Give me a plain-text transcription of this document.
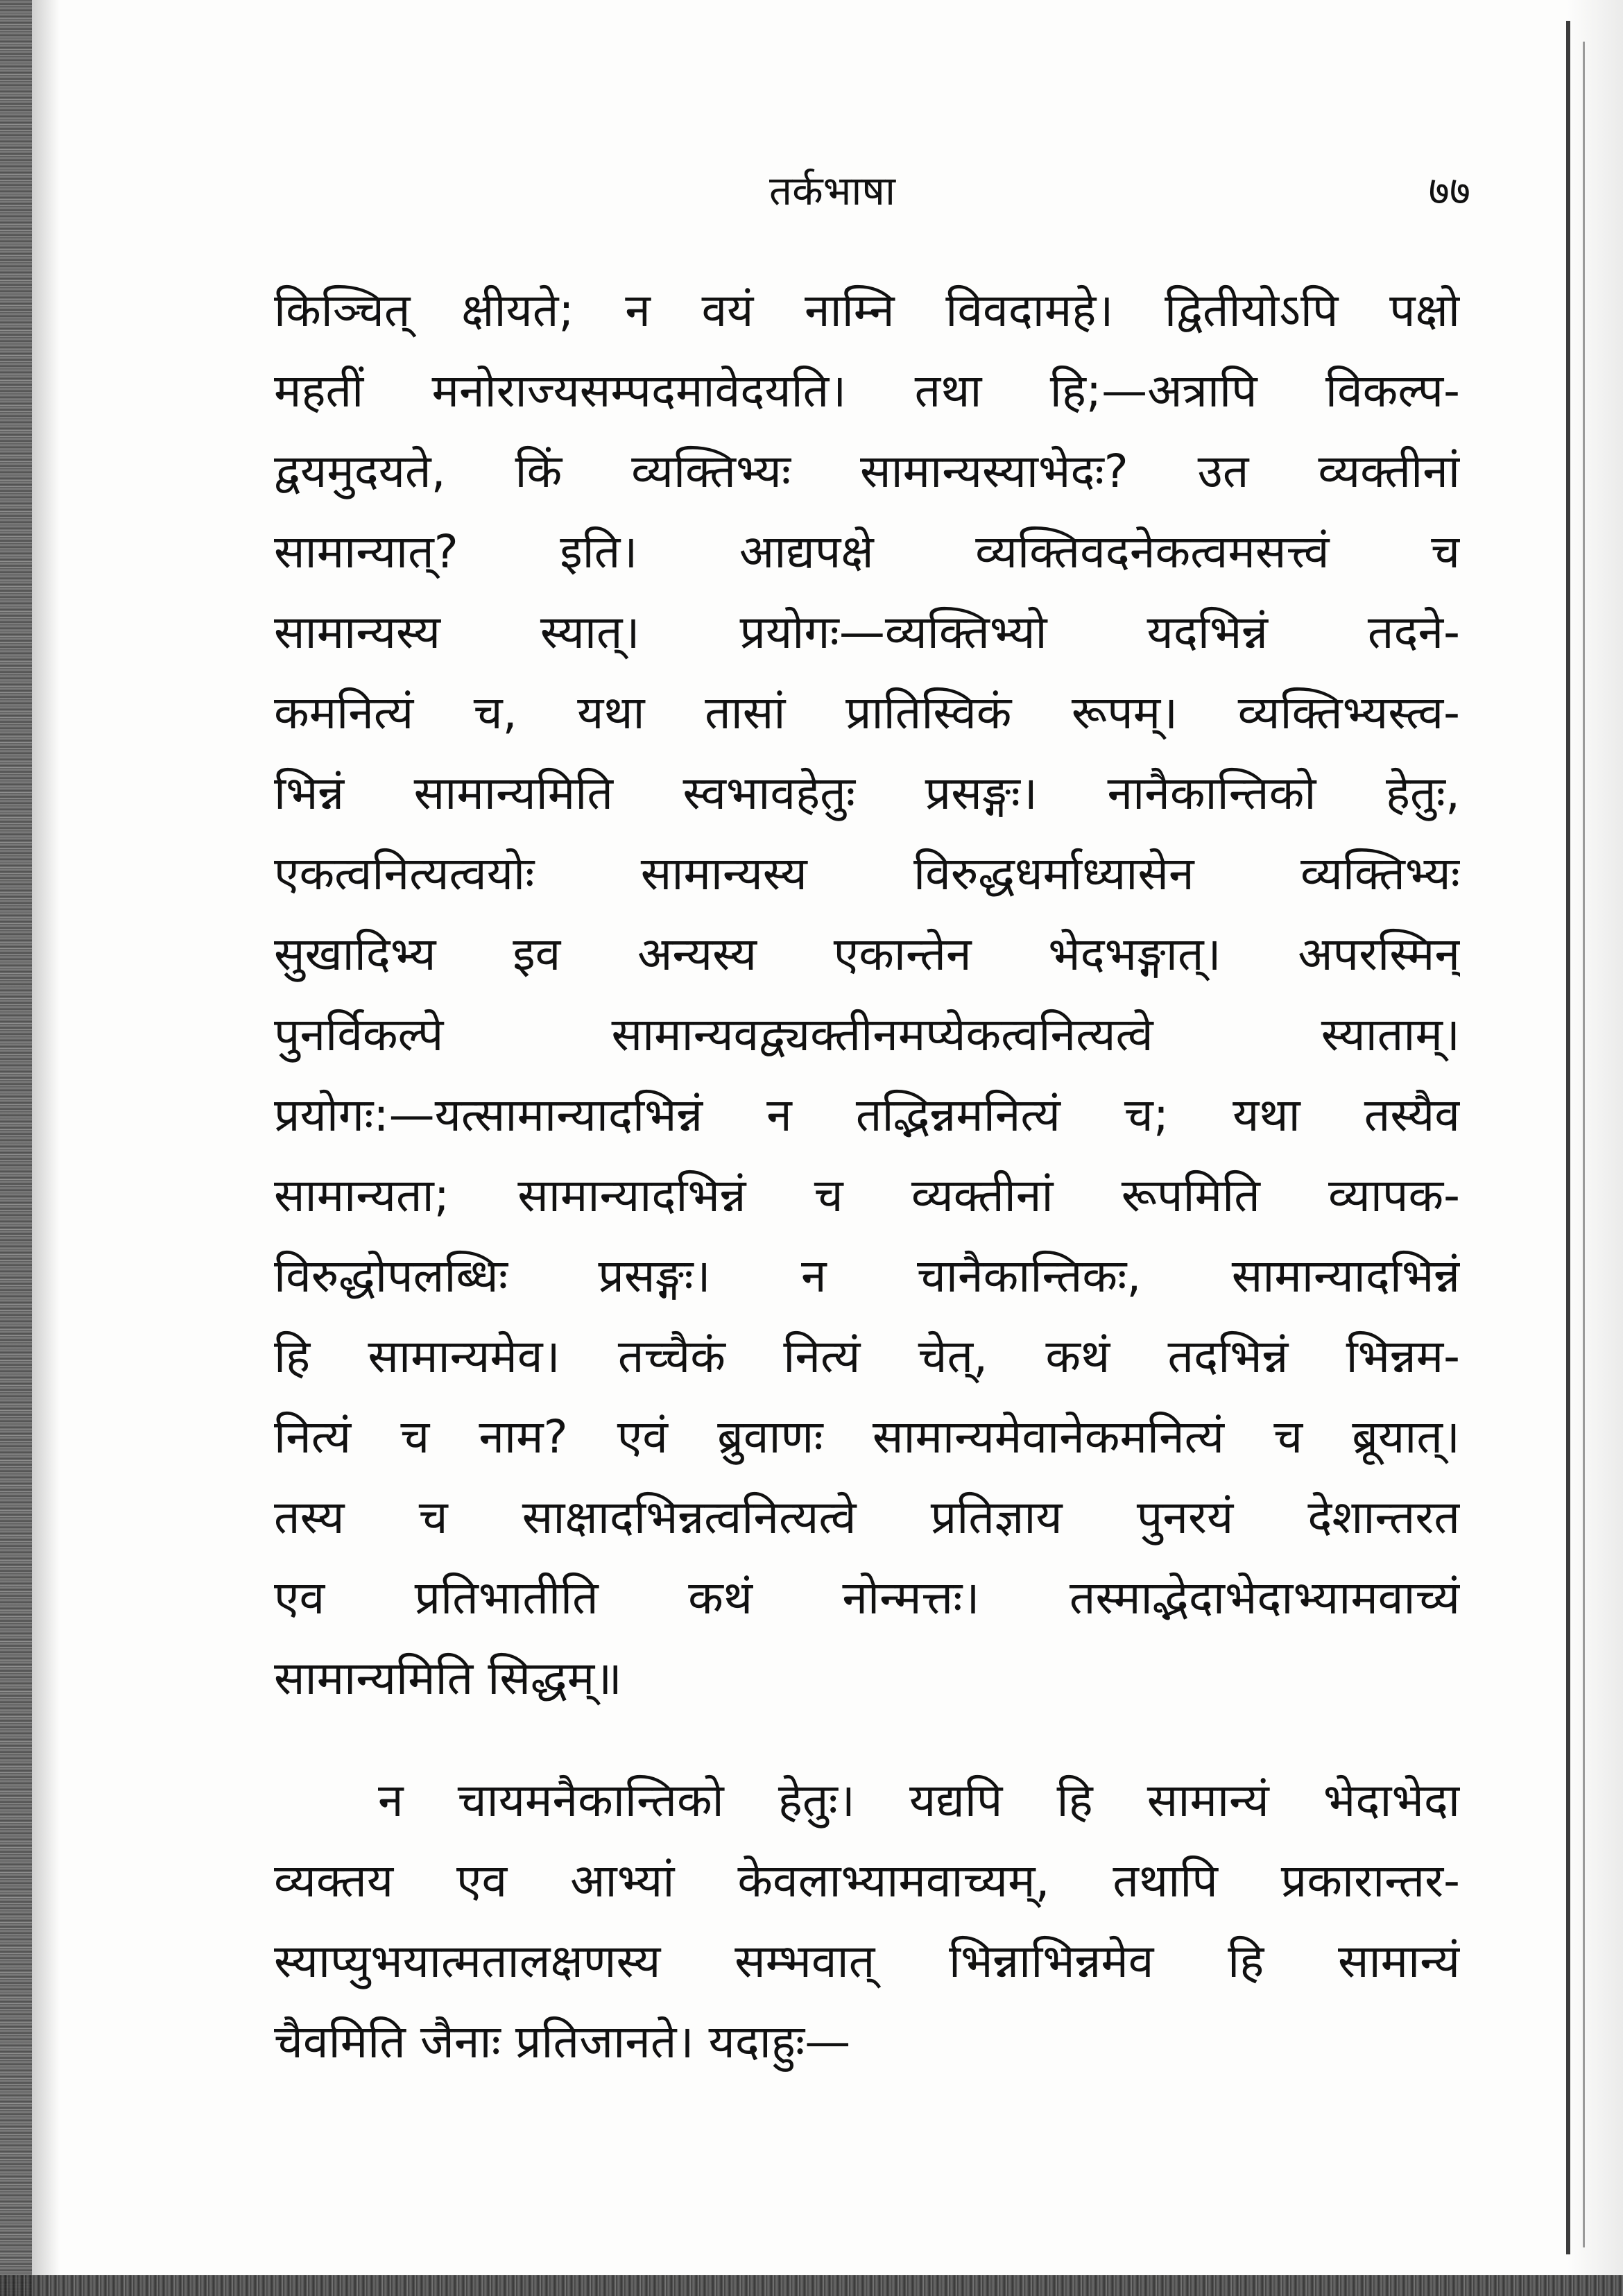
तर्कभाषा	७७
किञ्चित् क्षीयते; न वयं नाम्नि विवदामहे। द्वितीयोऽपि पक्षो
महतीं मनोराज्यसम्पदमावेदयति। तथा हि;—अत्रापि विकल्प-
द्वयमुदयते, किं व्यक्तिभ्यः सामान्यस्याभेदः? उत व्यक्तीनां
सामान्यात्? इति। आद्यपक्षे व्यक्तिवदनेकत्वमसत्त्वं च
सामान्यस्य स्यात्। प्रयोगः—व्यक्तिभ्यो यदभिन्नं तदने-
कमनित्यं च, यथा तासां प्रातिस्विकं रूपम्। व्यक्तिभ्यस्त्व-
भिन्नं सामान्यमिति स्वभावहेतुः प्रसङ्गः। नानैकान्तिको हेतुः,
एकत्वनित्यत्वयोः सामान्यस्य विरुद्धधर्माध्यासेन व्यक्तिभ्यः
सुखादिभ्य इव अन्यस्य एकान्तेन भेदभङ्गात्। अपरस्मिन्
पुनर्विकल्पे सामान्यवद्व्यक्तीनमप्येकत्वनित्यत्वे स्याताम्।
प्रयोगः:—यत्सामान्यादभिन्नं न तद्भिन्नमनित्यं च; यथा तस्यैव
सामान्यता; सामान्यादभिन्नं च व्यक्तीनां रूपमिति व्यापक-
विरुद्धोपलब्धिः प्रसङ्गः। न चानैकान्तिकः, सामान्यादभिन्नं
हि सामान्यमेव। तच्चैकं नित्यं चेत्, कथं तदभिन्नं भिन्नम-
नित्यं च नाम? एवं ब्रुवाणः सामान्यमेवानेकमनित्यं च ब्रूयात्।
तस्य च साक्षादभिन्नत्वनित्यत्वे प्रतिज्ञाय पुनरयं देशान्तरत
एव प्रतिभातीति कथं नोन्मत्तः। तस्माद्भेदाभेदाभ्यामवाच्यं
सामान्यमिति सिद्धम्॥
न चायमनैकान्तिको हेतुः। यद्यपि हि सामान्यं भेदाभेदा
व्यक्तय एव आभ्यां केवलाभ्यामवाच्यम्, तथापि प्रकारान्तर-
स्याप्युभयात्मतालक्षणस्य सम्भवात् भिन्नाभिन्नमेव हि सामान्यं
चैवमिति जैनाः प्रतिजानते। यदाहुः—
